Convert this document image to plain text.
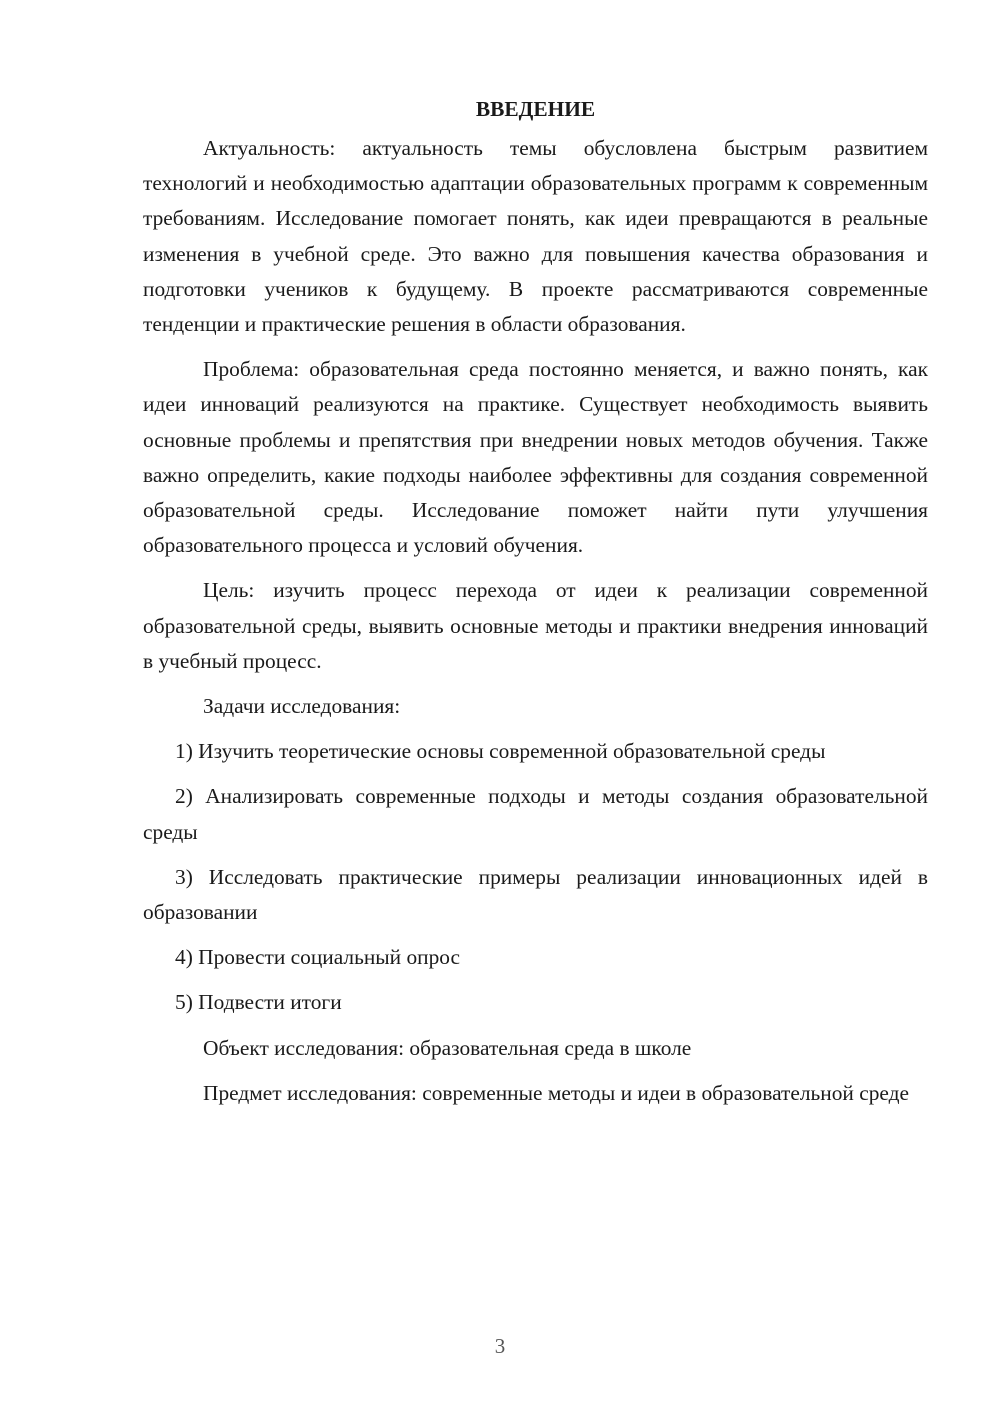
ВВЕДЕНИЕ

Актуальность: актуальность темы обусловлена быстрым развитием технологий и необходимостью адаптации образовательных программ к современным требованиям. Исследование помогает понять, как идеи превращаются в реальные изменения в учебной среде. Это важно для повышения качества образования и подготовки учеников к будущему. В проекте рассматриваются современные тенденции и практические решения в области образования.

Проблема: образовательная среда постоянно меняется, и важно понять, как идеи инноваций реализуются на практике. Существует необходимость выявить основные проблемы и препятствия при внедрении новых методов обучения. Также важно определить, какие подходы наиболее эффективны для создания современной образовательной среды. Исследование поможет найти пути улучшения образовательного процесса и условий обучения.

Цель: изучить процесс перехода от идеи к реализации современной образовательной среды, выявить основные методы и практики внедрения инноваций в учебный процесс.

Задачи исследования:

1) Изучить теоретические основы современной образовательной среды

2) Анализировать современные подходы и методы создания образовательной среды

3) Исследовать практические примеры реализации инновационных идей в образовании

4) Провести социальный опрос

5) Подвести итоги

Объект исследования: образовательная среда в школе

Предмет исследования: современные методы и идеи в образовательной среде

3
